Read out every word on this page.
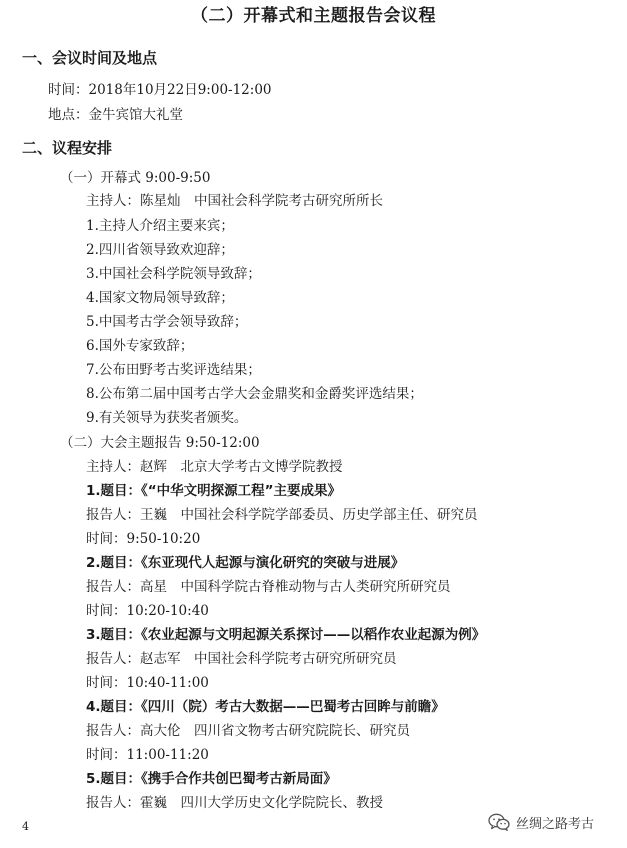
（二）开幕式和主题报告会议程
一、会议时间及地点
时间：2018年10月22日9:00-12:00
地点：金牛宾馆大礼堂
二、议程安排
（一）开幕式 9:00-9:50
主持人：陈星灿　中国社会科学院考古研究所所长
1.主持人介绍主要来宾；
2.四川省领导致欢迎辞；
3.中国社会科学院领导致辞；
4.国家文物局领导致辞；
5.中国考古学会领导致辞；
6.国外专家致辞；
7.公布田野考古奖评选结果；
8.公布第二届中国考古学大会金鼎奖和金爵奖评选结果；
9.有关领导为获奖者颁奖。
（二）大会主题报告 9:50-12:00
主持人：赵辉　北京大学考古文博学院教授
1.题目：《“中华文明探源工程”主要成果》
报告人：王巍　中国社会科学院学部委员、历史学部主任、研究员
时间：9:50-10:20
2.题目：《东亚现代人起源与演化研究的突破与进展》
报告人：高星　中国科学院古脊椎动物与古人类研究所研究员
时间：10:20-10:40
3.题目：《农业起源与文明起源关系探讨——以稻作农业起源为例》
报告人：赵志军　中国社会科学院考古研究所研究员
时间：10:40-11:00
4.题目：《四川（院）考古大数据——巴蜀考古回眸与前瞻》
报告人：高大伦　四川省文物考古研究院院长、研究员
时间：11:00-11:20
5.题目：《携手合作共创巴蜀考古新局面》
报告人：霍巍　四川大学历史文化学院院长、教授
4	丝绸之路考古
